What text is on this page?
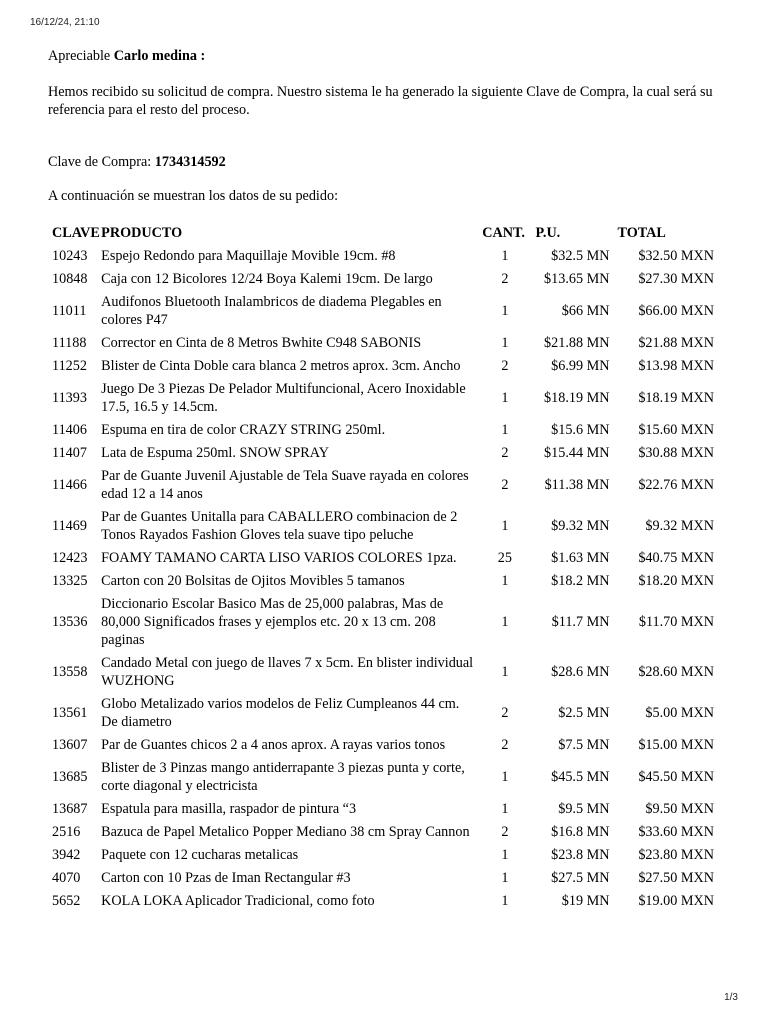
16/12/24, 21:10

Apreciable Carlo medina :

Hemos recibido su solicitud de compra. Nuestro sistema le ha generado la siguiente Clave de Compra, la cual será su referencia para el resto del proceso.

Clave de Compra: 1734314592

A continuación se muestran los datos de su pedido:

CLAVE	PRODUCTO	CANT.	P.U.	TOTAL
10243	Espejo Redondo para Maquillaje Movible 19cm. #8	1	$32.5 MN	$32.50 MXN
10848	Caja con 12 Bicolores 12/24 Boya Kalemi 19cm. De largo	2	$13.65 MN	$27.30 MXN
11011	Audifonos Bluetooth Inalambricos de diadema Plegables en colores P47	1	$66 MN	$66.00 MXN
11188	Corrector en Cinta de 8 Metros Bwhite C948 SABONIS	1	$21.88 MN	$21.88 MXN
11252	Blister de Cinta Doble cara blanca 2 metros aprox. 3cm. Ancho	2	$6.99 MN	$13.98 MXN
11393	Juego De 3 Piezas De Pelador Multifuncional, Acero Inoxidable 17.5, 16.5 y 14.5cm.	1	$18.19 MN	$18.19 MXN
11406	Espuma en tira de color CRAZY STRING 250ml.	1	$15.6 MN	$15.60 MXN
11407	Lata de Espuma 250ml. SNOW SPRAY	2	$15.44 MN	$30.88 MXN
11466	Par de Guante Juvenil Ajustable de Tela Suave rayada en colores edad 12 a 14 anos	2	$11.38 MN	$22.76 MXN
11469	Par de Guantes Unitalla para CABALLERO combinacion de 2 Tonos Rayados Fashion Gloves tela suave tipo peluche	1	$9.32 MN	$9.32 MXN
12423	FOAMY TAMANO CARTA LISO VARIOS COLORES 1pza.	25	$1.63 MN	$40.75 MXN
13325	Carton con 20 Bolsitas de Ojitos Movibles 5 tamanos	1	$18.2 MN	$18.20 MXN
13536	Diccionario Escolar Basico Mas de 25,000 palabras, Mas de 80,000 Significados frases y ejemplos etc. 20 x 13 cm. 208 paginas	1	$11.7 MN	$11.70 MXN
13558	Candado Metal con juego de llaves 7 x 5cm. En blister individual WUZHONG	1	$28.6 MN	$28.60 MXN
13561	Globo Metalizado varios modelos de Feliz Cumpleanos 44 cm. De diametro	2	$2.5 MN	$5.00 MXN
13607	Par de Guantes chicos 2 a 4 anos aprox. A rayas varios tonos	2	$7.5 MN	$15.00 MXN
13685	Blister de 3 Pinzas mango antiderrapante 3 piezas punta y corte, corte diagonal y electricista	1	$45.5 MN	$45.50 MXN
13687	Espatula para masilla, raspador de pintura “3	1	$9.5 MN	$9.50 MXN
2516	Bazuca de Papel Metalico Popper Mediano 38 cm Spray Cannon	2	$16.8 MN	$33.60 MXN
3942	Paquete con 12 cucharas metalicas	1	$23.8 MN	$23.80 MXN
4070	Carton con 10 Pzas de Iman Rectangular #3	1	$27.5 MN	$27.50 MXN
5652	KOLA LOKA Aplicador Tradicional, como foto	1	$19 MN	$19.00 MXN
1/3
